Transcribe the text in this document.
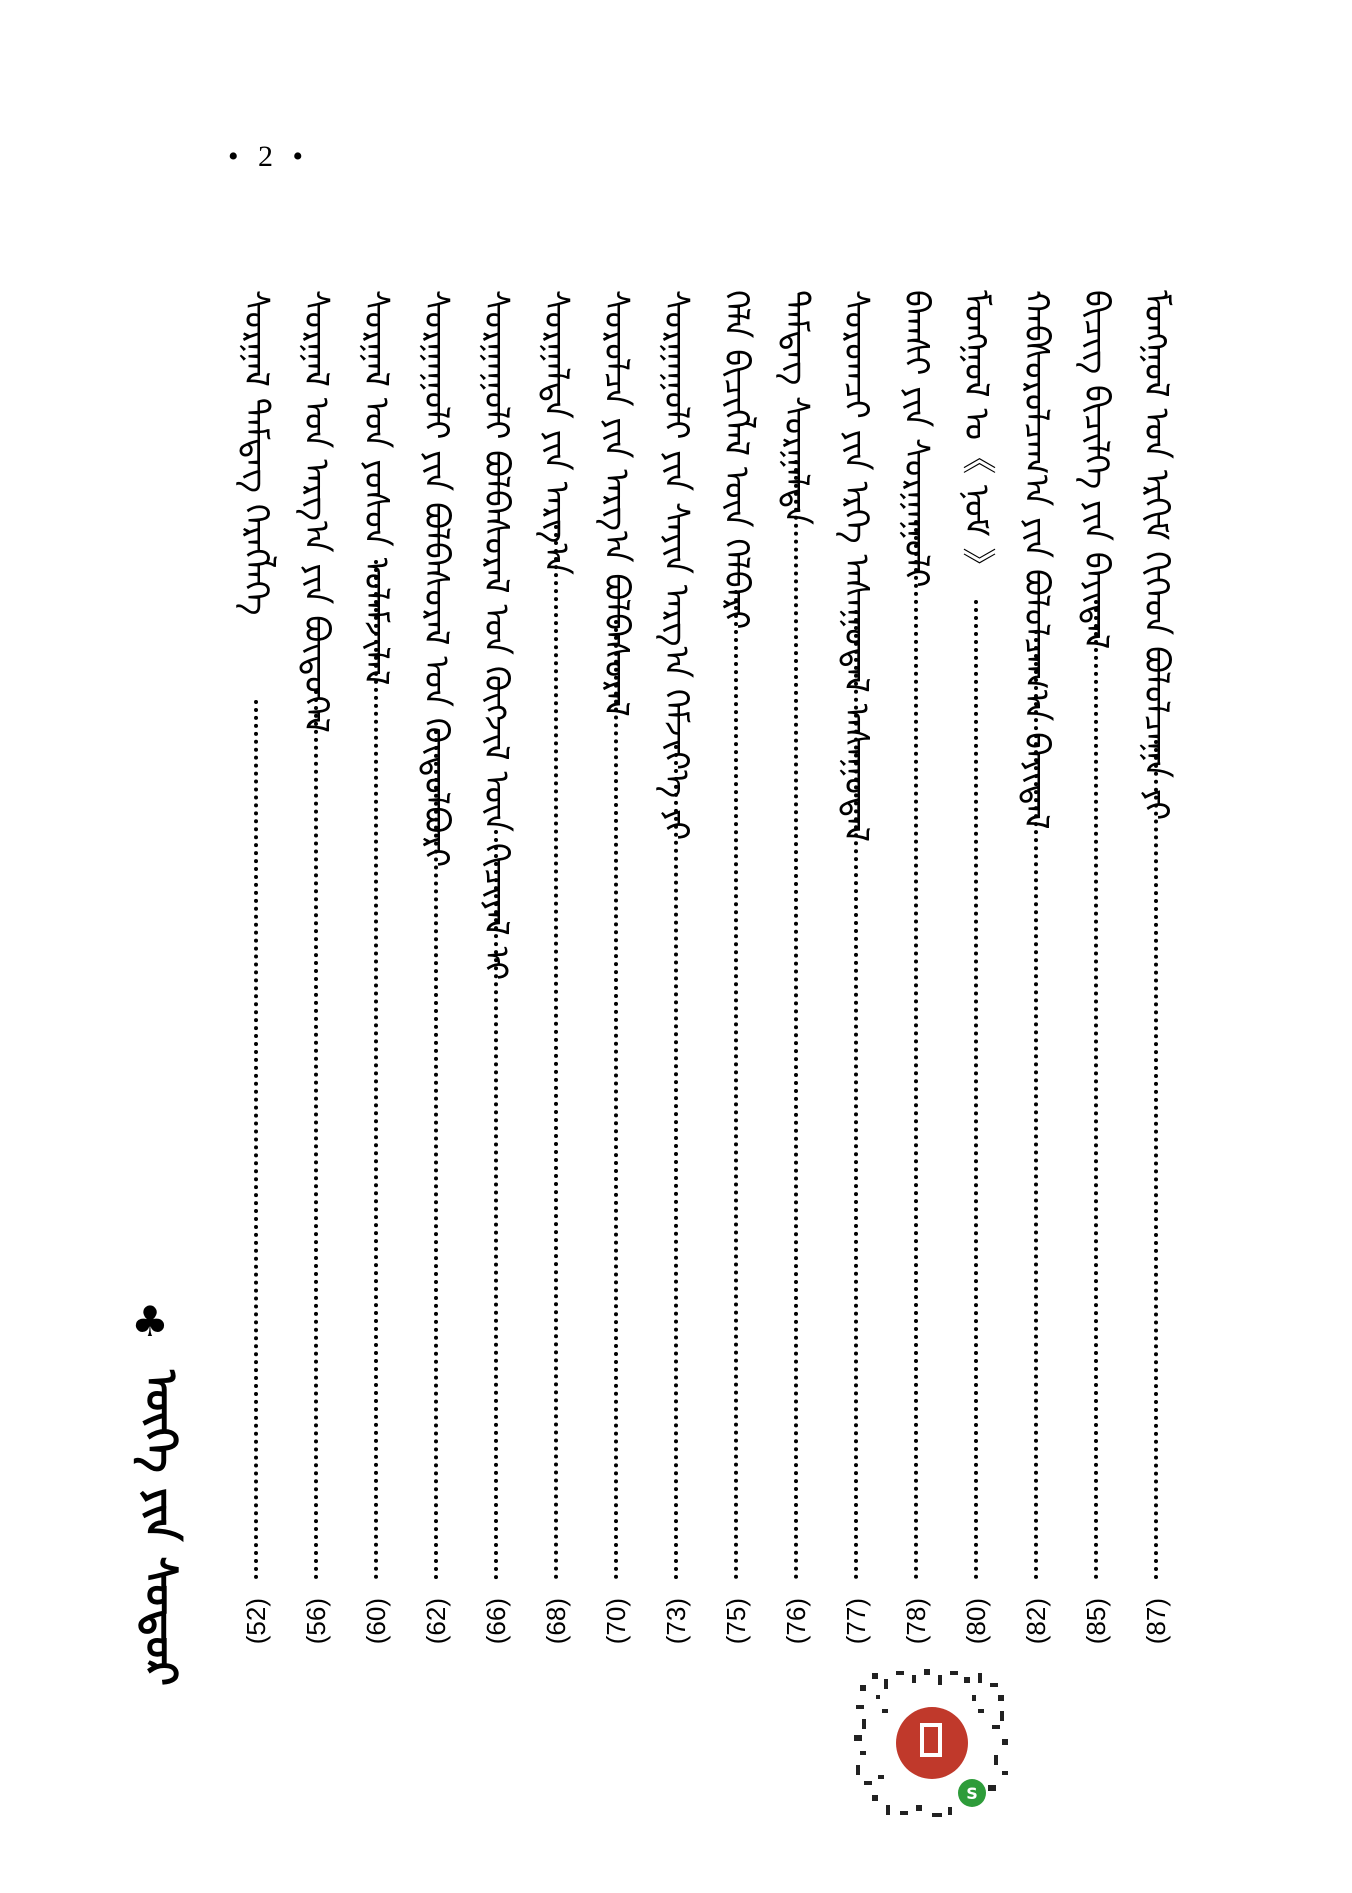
• 2 •
ᠮᠣᠩᠭᠣᠯ ᠤᠨ ᠡᠷᠬᠢᠮ ᠬᠢᠭᠡᠳ ᠪᠣᠯᠣᠯᠴᠠᠭᠠ ᠶᠢ
(87)
ᠪᠢᠴᠢᠭ ᠪᠢᠴᠢᠯᠭᠡ ᠶᠢᠨ ᠪᠠᠶᠢᠳᠠᠯ
(85)
ᠬᠠᠪᠰᠤᠷᠤᠯᠴᠠᠭ᠎ᠠ ᠶᠢᠨ ᠪᠣᠯᠣᠯᠴᠠᠭ᠎ᠠ ᠪᠠᠶᠢᠳᠠᠯ
(82)
ᠮᠣᠩᠭᠣᠯ ᠤ《 ᠨᠣᠮ 》
(80)
ᠪᠠᠭᠰᠢ ᠶᠢᠨ ᠰᠤᠷᠭᠠᠭᠤᠯᠢ
(78)
ᠰᠤᠷᠤᠭᠴᠢ ᠶᠢᠨ ᠡᠷᠬᠡ ᠠᠰᠠᠭᠤᠳᠠᠯ ᠠᠰᠠᠭᠤᠳᠠᠯ
(77)
ᠲᠡᠮᠳᠡᠭ ᠰᠤᠷᠭᠠᠯᠲᠠ
(76)
ᠬᠡᠯᠡ ᠪᠢᠴᠢᠭᠯᠡᠯ ᠦᠨ ᠬᠡᠯᠪᠡᠷᠢ
(75)
ᠰᠤᠷᠭᠠᠭᠤᠯᠢ ᠶᠢᠨ ᠰᠠᠶᠢᠨ ᠠᠷᠭ᠎ᠠ ᠬᠡᠮᠵᠢᠶ᠎ᠡ ᠶᠢ
(73)
ᠰᠤᠷᠤᠯᠴᠠ ᠶᠢᠨ ᠠᠷᠭ᠎ᠠ ᠪᠣᠯᠪᠠᠰᠤᠷᠠᠯ
(70)
ᠰᠤᠷᠭᠠᠯᠲᠠ ᠶᠢᠨ ᠠᠷᠭ᠎ᠠ
(68)
ᠰᠤᠷᠭᠠᠭᠤᠯᠢ ᠪᠣᠯᠪᠠᠰᠤᠷᠠᠯ ᠤᠨ ᠬᠥᠭᠵᠢᠯ ᠦᠨ ᠬᠢᠴᠢᠶᠡᠯ ᠢ
(66)
ᠰᠤᠷᠭᠠᠭᠤᠯᠢ ᠶᠢᠨ ᠪᠣᠯᠪᠠᠰᠤᠷᠠᠯ ᠤᠨ ᠬᠥᠲᠦᠯᠪᠦᠷᠢ
(62)
ᠰᠤᠷᠭᠠᠯ ᠤᠨ ᠶᠤᠰᠤᠨ ᠤᠯᠠᠮᠵᠢᠯᠠᠯ
(60)
ᠰᠤᠷᠭᠠᠯ ᠤᠨ ᠠᠷᠭ᠎ᠠ ᠶᠢᠨ ᠪᠦᠲᠦᠭᠡᠯ
(56)
ᠰᠤᠷᠭᠠᠯ ᠲᠡᠮᠳᠡᠭ ᠬᠡᠷᠡᠭᠯᠡᠭᠡ
(52)
♣
ᠦᠭᠡ ᠶᠢᠨ ᠰᠤᠳᠤᠷ
S
